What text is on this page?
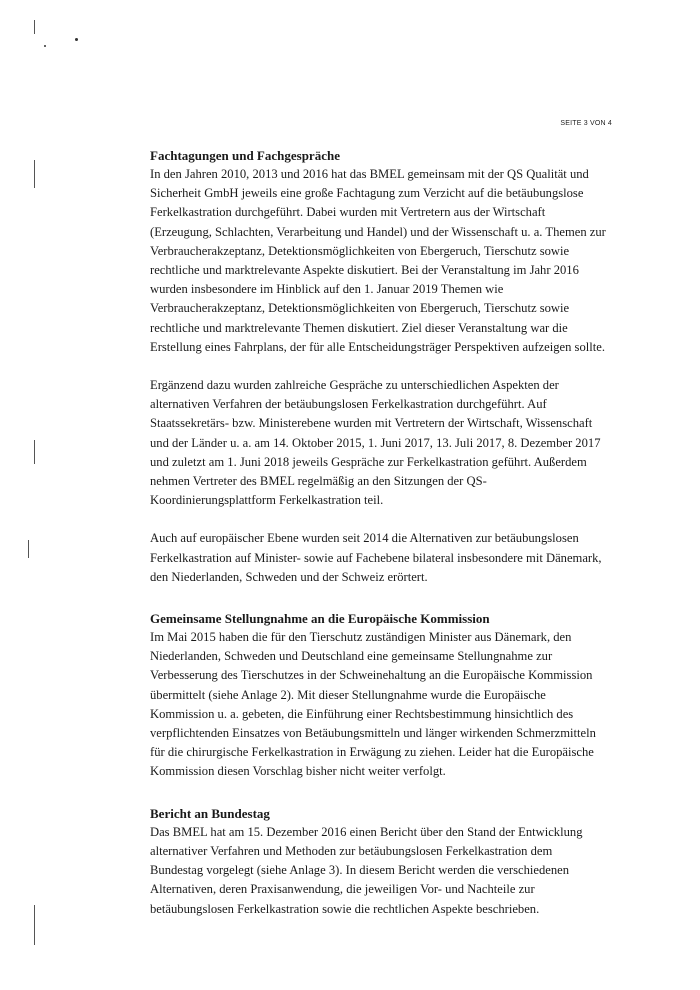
SEITE 3 VON 4

Fachtagungen und Fachgespräche

In den Jahren 2010, 2013 und 2016 hat das BMEL gemeinsam mit der QS Qualität und Sicherheit GmbH jeweils eine große Fachtagung zum Verzicht auf die betäubungslose Ferkelkastration durchgeführt. Dabei wurden mit Vertretern aus der Wirtschaft (Erzeugung, Schlachten, Verarbeitung und Handel) und der Wissenschaft u. a. Themen zur Verbraucherakzeptanz, Detektionsmöglichkeiten von Ebergeruch, Tierschutz sowie rechtliche und marktrelevante Aspekte diskutiert. Bei der Veranstaltung im Jahr 2016 wurden insbesondere im Hinblick auf den 1. Januar 2019 Themen wie Verbraucherakzeptanz, Detektionsmöglichkeiten von Ebergeruch, Tierschutz sowie rechtliche und marktrelevante Themen diskutiert. Ziel dieser Veranstaltung war die Erstellung eines Fahrplans, der für alle Entscheidungsträger Perspektiven aufzeigen sollte.

Ergänzend dazu wurden zahlreiche Gespräche zu unterschiedlichen Aspekten der alternativen Verfahren der betäubungslosen Ferkelkastration durchgeführt. Auf Staatssekretärs- bzw. Ministerebene wurden mit Vertretern der Wirtschaft, Wissenschaft und der Länder u. a. am 14. Oktober 2015, 1. Juni 2017, 13. Juli 2017, 8. Dezember 2017 und zuletzt am 1. Juni 2018 jeweils Gespräche zur Ferkelkastration geführt. Außerdem nehmen Vertreter des BMEL regelmäßig an den Sitzungen der QS-Koordinierungsplattform Ferkelkastration teil.

Auch auf europäischer Ebene wurden seit 2014 die Alternativen zur betäubungslosen Ferkelkastration auf Minister- sowie auf Fachebene bilateral insbesondere mit Dänemark, den Niederlanden, Schweden und der Schweiz erörtert.

Gemeinsame Stellungnahme an die Europäische Kommission

Im Mai 2015 haben die für den Tierschutz zuständigen Minister aus Dänemark, den Niederlanden, Schweden und Deutschland eine gemeinsame Stellungnahme zur Verbesserung des Tierschutzes in der Schweinehaltung an die Europäische Kommission übermittelt (siehe Anlage 2). Mit dieser Stellungnahme wurde die Europäische Kommission u. a. gebeten, die Einführung einer Rechtsbestimmung hinsichtlich des verpflichtenden Einsatzes von Betäubungsmitteln und länger wirkenden Schmerzmitteln für die chirurgische Ferkelkastration in Erwägung zu ziehen. Leider hat die Europäische Kommission diesen Vorschlag bisher nicht weiter verfolgt.

Bericht an Bundestag

Das BMEL hat am 15. Dezember 2016 einen Bericht über den Stand der Entwicklung alternativer Verfahren und Methoden zur betäubungslosen Ferkelkastration dem Bundestag vorgelegt (siehe Anlage 3). In diesem Bericht werden die verschiedenen Alternativen, deren Praxisanwendung, die jeweiligen Vor- und Nachteile zur betäubungslosen Ferkelkastration sowie die rechtlichen Aspekte beschrieben.
